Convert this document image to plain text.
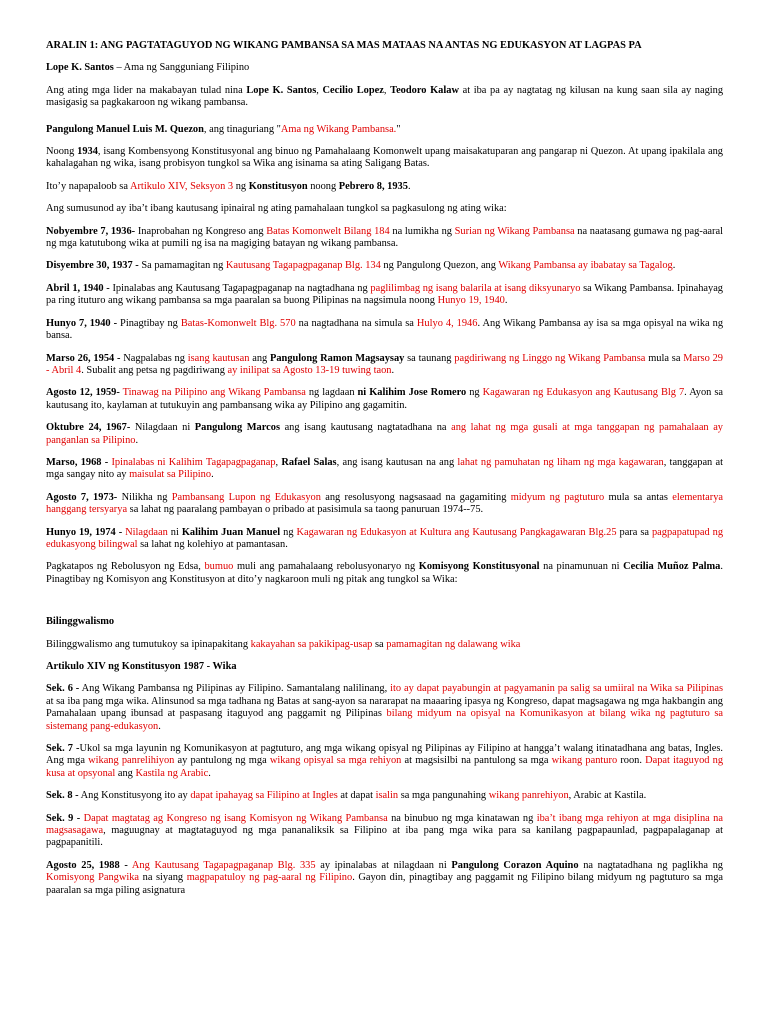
ARALIN 1: ANG PAGTATAGUYOD NG WIKANG PAMBANSA SA MAS MATAAS NA ANTAS NG EDUKASYON AT LAGPAS PA

Lope K. Santos – Ama ng Sangguniang Filipino

Ang ating mga lider na makabayan tulad nina Lope K. Santos, Cecilio Lopez, Teodoro Kalaw at iba pa ay nagtatag ng kilusan na kung saan sila ay naging masigasig sa pagkakaroon ng wikang pambansa.

Pangulong Manuel Luis M. Quezon, ang tinaguriang "Ama ng Wikang Pambansa."

Noong 1934, isang Kombensyong Konstitusyonal ang binuo ng Pamahalaang Komonwelt upang maisakatuparan ang pangarap ni Quezon. At upang ipakilala ang kahalagahan ng wika, isang probisyon tungkol sa Wika ang isinama sa ating Saligang Batas.

Ito’y napapaloob sa Artikulo XIV, Seksyon 3 ng Konstitusyon noong Pebrero 8, 1935.

Ang sumusunod ay iba’t ibang kautusang ipinairal ng ating pamahalaan tungkol sa pagkasulong ng ating wika:

Nobyembre 7, 1936- Inaprobahan ng Kongreso ang Batas Komonwelt Bilang 184 na lumikha ng Surian ng Wikang Pambansa na naatasang gumawa ng pag-aaral ng mga katutubong wika at pumili ng isa na magiging batayan ng wikang pambansa.

Disyembre 30, 1937 - Sa pamamagitan ng Kautusang Tagapagpaganap Blg. 134 ng Pangulong Quezon, ang Wikang Pambansa ay ibabatay sa Tagalog.

Abril 1, 1940 - Ipinalabas ang Kautusang Tagapagpaganap na nagtadhana ng paglilimbag ng isang balarila at isang diksyunaryo sa Wikang Pambansa. Ipinahayag pa ring ituturo ang wikang pambansa sa mga paaralan sa buong Pilipinas na nagsimula noong Hunyo 19, 1940.

Hunyo 7, 1940 - Pinagtibay ng Batas-Komonwelt Blg. 570 na nagtadhana na simula sa Hulyo 4, 1946. Ang Wikang Pambansa ay isa sa mga opisyal na wika ng bansa.

Marso 26, 1954 - Nagpalabas ng isang kautusan ang Pangulong Ramon Magsaysay sa taunang pagdiriwang ng Linggo ng Wikang Pambansa mula sa Marso 29 - Abril 4. Subalit ang petsa ng pagdiriwang ay inilipat sa Agosto 13-19 tuwing taon.

Agosto 12, 1959- Tinawag na Pilipino ang Wikang Pambansa ng lagdaan ni Kalihim Jose Romero ng Kagawaran ng Edukasyon ang Kautusang Blg 7. Ayon sa kautusang ito, kaylaman at tutukuyin ang pambansang wika ay Pilipino ang gagamitin.

Oktubre 24, 1967- Nilagdaan ni Pangulong Marcos ang isang kautusang nagtatadhana na ang lahat ng mga gusali at mga tanggapan ng pamahalaan ay panganlan sa Pilipino.

Marso, 1968 - Ipinalabas ni Kalihim Tagapagpaganap, Rafael Salas, ang isang kautusan na ang lahat ng pamuhatan ng liham ng mga kagawaran, tanggapan at mga sangay nito ay maisulat sa Pilipino.

Agosto 7, 1973- Nilikha ng Pambansang Lupon ng Edukasyon ang resolusyong nagsasaad na gagamiting midyum ng pagtuturo mula sa antas elementarya hanggang tersyarya sa lahat ng paaralang pambayan o pribado at pasisimula sa taong panuruan 1974--75.

Hunyo 19, 1974 - Nilagdaan ni Kalihim Juan Manuel ng Kagawaran ng Edukasyon at Kultura ang Kautusang Pangkagawaran Blg.25 para sa pagpapatupad ng edukasyong bilingwal sa lahat ng kolehiyo at pamantasan.

Pagkatapos ng Rebolusyon ng Edsa, bumuo muli ang pamahalaang rebolusyonaryo ng Komisyong Konstitusyonal na pinamunuan ni Cecilia Muñoz Palma. Pinagtibay ng Komisyon ang Konstitusyon at dito’y nagkaroon muli ng pitak ang tungkol sa Wika:

Bilinggwalismo

Bilinggwalismo ang tumutukoy sa ipinapakitang kakayahan sa pakikipag-usap sa pamamagitan ng dalawang wika

Artikulo XIV ng Konstitusyon 1987 - Wika

Sek. 6 - Ang Wikang Pambansa ng Pilipinas ay Filipino. Samantalang nalilinang, ito ay dapat payabungin at pagyamanin pa salig sa umiiral na Wika sa Pilipinas at sa iba pang mga wika. Alinsunod sa mga tadhana ng Batas at sang-ayon sa nararapat na maaaring ipasya ng Kongreso, dapat magsagawa ng mga hakbangin ang Pamahalaan upang ibunsad at paspasang itaguyod ang paggamit ng Pilipinas bilang midyum na opisyal na Komunikasyon at bilang wika ng pagtuturo sa sistemang pang-edukasyon.

Sek. 7 -Ukol sa mga layunin ng Komunikasyon at pagtuturo, ang mga wikang opisyal ng Pilipinas ay Filipino at hangga’t walang itinatadhana ang batas, Ingles. Ang mga wikang panrelihiyon ay pantulong ng mga wikang opisyal sa mga rehiyon at magsisilbi na pantulong sa mga wikang panturo roon. Dapat itaguyod ng kusa at opsyonal ang Kastila ng Arabic.

Sek. 8 - Ang Konstitusyong ito ay dapat ipahayag sa Filipino at Ingles at dapat isalin sa mga pangunahing wikang panrehiyon, Arabic at Kastila.

Sek. 9 - Dapat magtatag ag Kongreso ng isang Komisyon ng Wikang Pambansa na binubuo ng mga kinatawan ng iba’t ibang mga rehiyon at mga disiplina na magsasagawa, maguugnay at magtataguyod ng mga pananaliksik sa Filipino at iba pang mga wika para sa kanilang pagpapaunlad, pagpapalaganap at pagpapanitili.

Agosto 25, 1988 - Ang Kautusang Tagapagpaganap Blg. 335 ay ipinalabas at nilagdaan ni Pangulong Corazon Aquino na nagtatadhana ng paglikha ng Komisyong Pangwika na siyang magpapatuloy ng pag-aaral ng Filipino. Gayon din, pinagtibay ang paggamit ng Filipino bilang midyum ng pagtuturo sa mga paaralan sa mga piling asignatura
